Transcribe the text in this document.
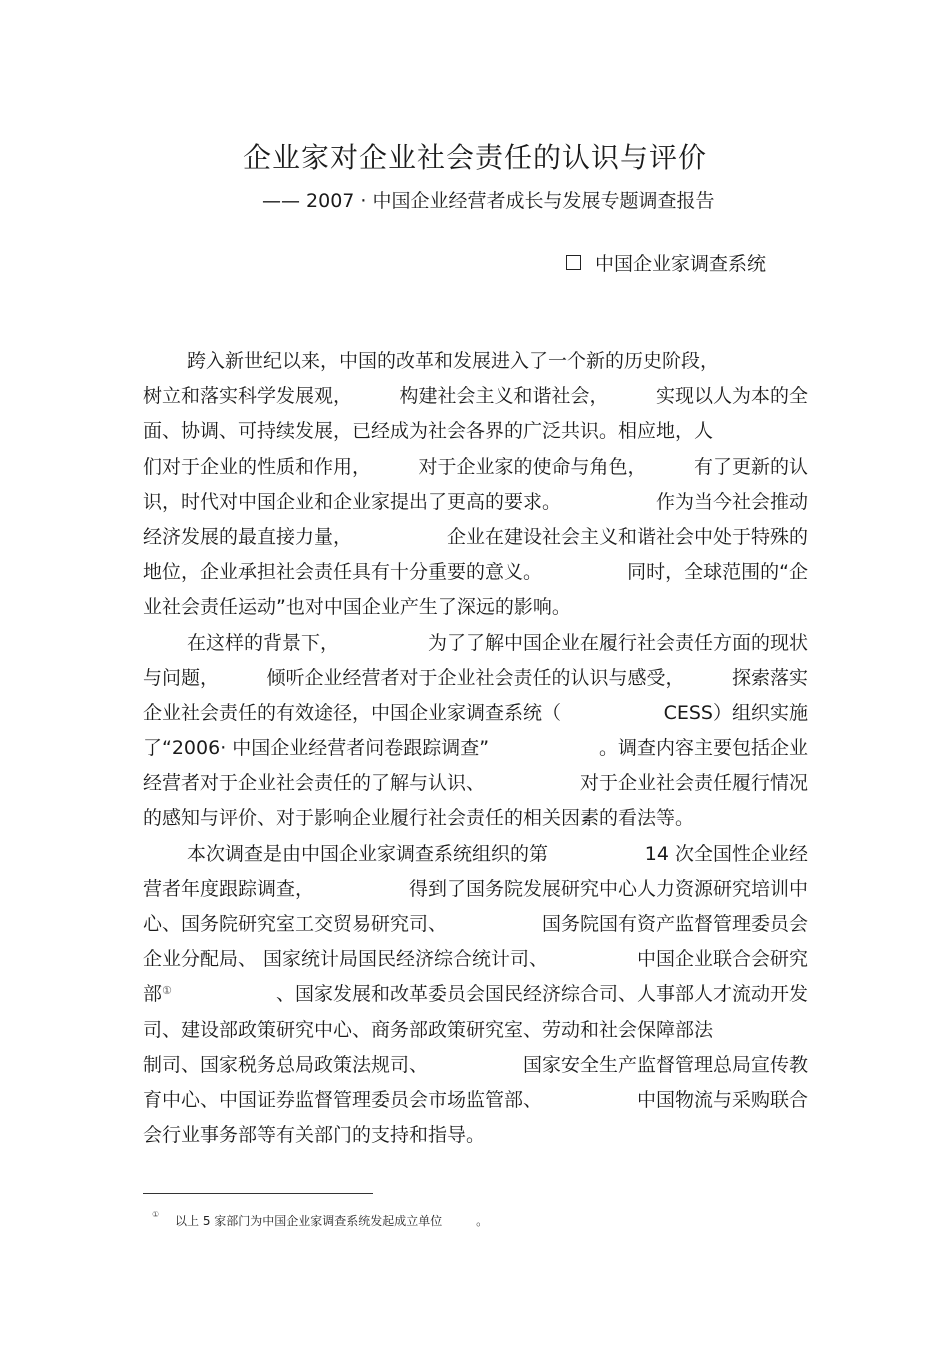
企业家对企业社会责任的认识与评价
—— 2007 · 中国企业经营者成长与发展专题调查报告
中国企业家调查系统
跨入新世纪以来，中国的改革和发展进入了一个新的历史阶段，
树立和落实科学发展观， 构建社会主义和谐社会， 实现以人为本的全
面、协调、可持续发展，已经成为社会各界的广泛共识。相应地，人
们对于企业的性质和作用， 对于企业家的使命与角色， 有了更新的认
识，时代对中国企业和企业家提出了更高的要求。	作为当今社会推动
经济发展的最直接力量，	企业在建设社会主义和谐社会中处于特殊的
地位，企业承担社会责任具有十分重要的意义。	同时，全球范围的“企
业社会责任运动”也对中国企业产生了深远的影响。
在这样的背景下，	为了了解中国企业在履行社会责任方面的现状
与问题， 倾听企业经营者对于企业社会责任的认识与感受， 探索落实
企业社会责任的有效途径，中国企业家调查系统（	CESS）组织实施
了“2006· 中国企业经营者问卷跟踪调查”	。调查内容主要包括企业
经营者对于企业社会责任的了解与认识、	对于企业社会责任履行情况
的感知与评价、对于影响企业履行社会责任的相关因素的看法等。
本次调查是由中国企业家调查系统组织的第	14 次全国性企业经
营者年度跟踪调查，	得到了国务院发展研究中心人力资源研究培训中
心、国务院研究室工交贸易研究司、	国务院国有资产监督管理委员会
企业分配局、 国家统计局国民经济综合统计司、	中国企业联合会研究
部①	、国家发展和改革委员会国民经济综合司、人事部人才流动开发
司、建设部政策研究中心、商务部政策研究室、劳动和社会保障部法
制司、国家税务总局政策法规司、	国家安全生产监督管理总局宣传教
育中心、中国证券监督管理委员会市场监管部、	中国物流与采购联合
会行业事务部等有关部门的支持和指导。
① 以上 5 家部门为中国企业家调查系统发起成立单位	。
